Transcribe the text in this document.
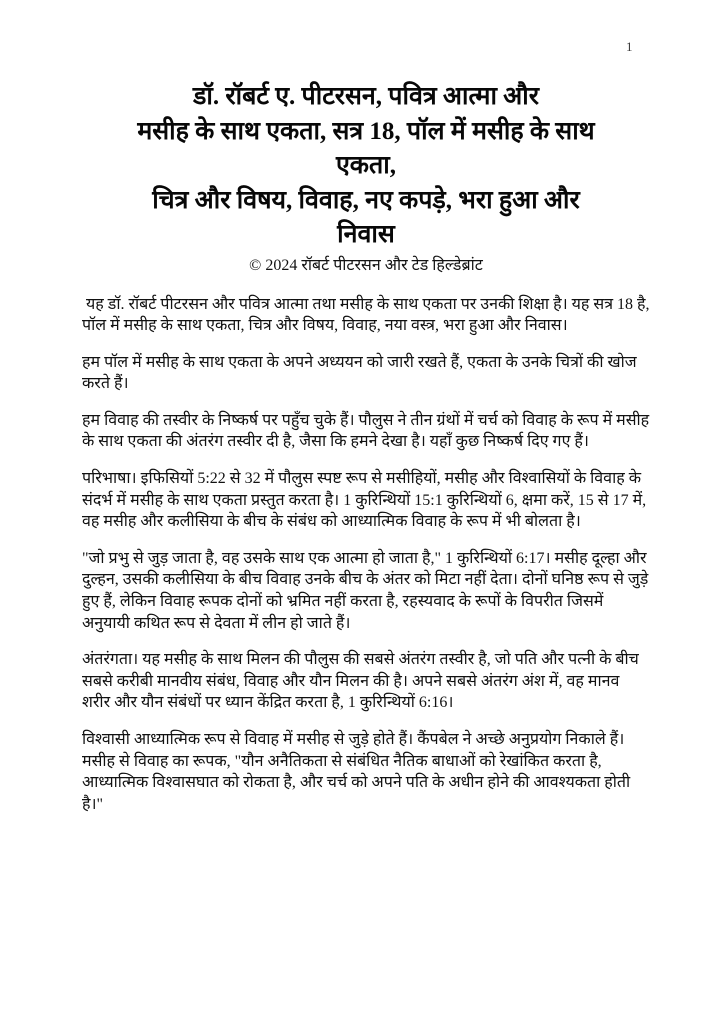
1
डॉ. रॉबर्ट ए. पीटरसन, पवित्र आत्मा और
मसीह के साथ एकता, सत्र 18, पॉल में मसीह के साथ
एकता,
चित्र और विषय, विवाह, नए कपड़े, भरा हुआ और
निवास
© 2024 रॉबर्ट पीटरसन और टेड हिल्डेब्रांट

यह डॉ. रॉबर्ट पीटरसन और पवित्र आत्मा तथा मसीह के साथ एकता पर उनकी शिक्षा है। यह सत्र 18 है, पॉल में मसीह के साथ एकता, चित्र और विषय, विवाह, नया वस्त्र, भरा हुआ और निवास।

हम पॉल में मसीह के साथ एकता के अपने अध्ययन को जारी रखते हैं, एकता के उनके चित्रों की खोज करते हैं।

हम विवाह की तस्वीर के निष्कर्ष पर पहुँच चुके हैं। पौलुस ने तीन ग्रंथों में चर्च को विवाह के रूप में मसीह के साथ एकता की अंतरंग तस्वीर दी है, जैसा कि हमने देखा है। यहाँ कुछ निष्कर्ष दिए गए हैं।

परिभाषा। इफिसियों 5:22 से 32 में पौलुस स्पष्ट रूप से मसीहियों, मसीह और विश्वासियों के विवाह के संदर्भ में मसीह के साथ एकता प्रस्तुत करता है। 1 कुरिन्थियों 15:1 कुरिन्थियों 6, क्षमा करें, 15 से 17 में, वह मसीह और कलीसिया के बीच के संबंध को आध्यात्मिक विवाह के रूप में भी बोलता है।

"जो प्रभु से जुड़ जाता है, वह उसके साथ एक आत्मा हो जाता है," 1 कुरिन्थियों 6:17। मसीह दूल्हा और दुल्हन, उसकी कलीसिया के बीच विवाह उनके बीच के अंतर को मिटा नहीं देता। दोनों घनिष्ठ रूप से जुड़े हुए हैं, लेकिन विवाह रूपक दोनों को भ्रमित नहीं करता है, रहस्यवाद के रूपों के विपरीत जिसमें अनुयायी कथित रूप से देवता में लीन हो जाते हैं।

अंतरंगता। यह मसीह के साथ मिलन की पौलुस की सबसे अंतरंग तस्वीर है, जो पति और पत्नी के बीच सबसे करीबी मानवीय संबंध, विवाह और यौन मिलन की है। अपने सबसे अंतरंग अंश में, वह मानव शरीर और यौन संबंधों पर ध्यान केंद्रित करता है, 1 कुरिन्थियों 6:16।

विश्वासी आध्यात्मिक रूप से विवाह में मसीह से जुड़े होते हैं। कैंपबेल ने अच्छे अनुप्रयोग निकाले हैं। मसीह से विवाह का रूपक, "यौन अनैतिकता से संबंधित नैतिक बाधाओं को रेखांकित करता है, आध्यात्मिक विश्वासघात को रोकता है, और चर्च को अपने पति के अधीन होने की आवश्यकता होती है।"
